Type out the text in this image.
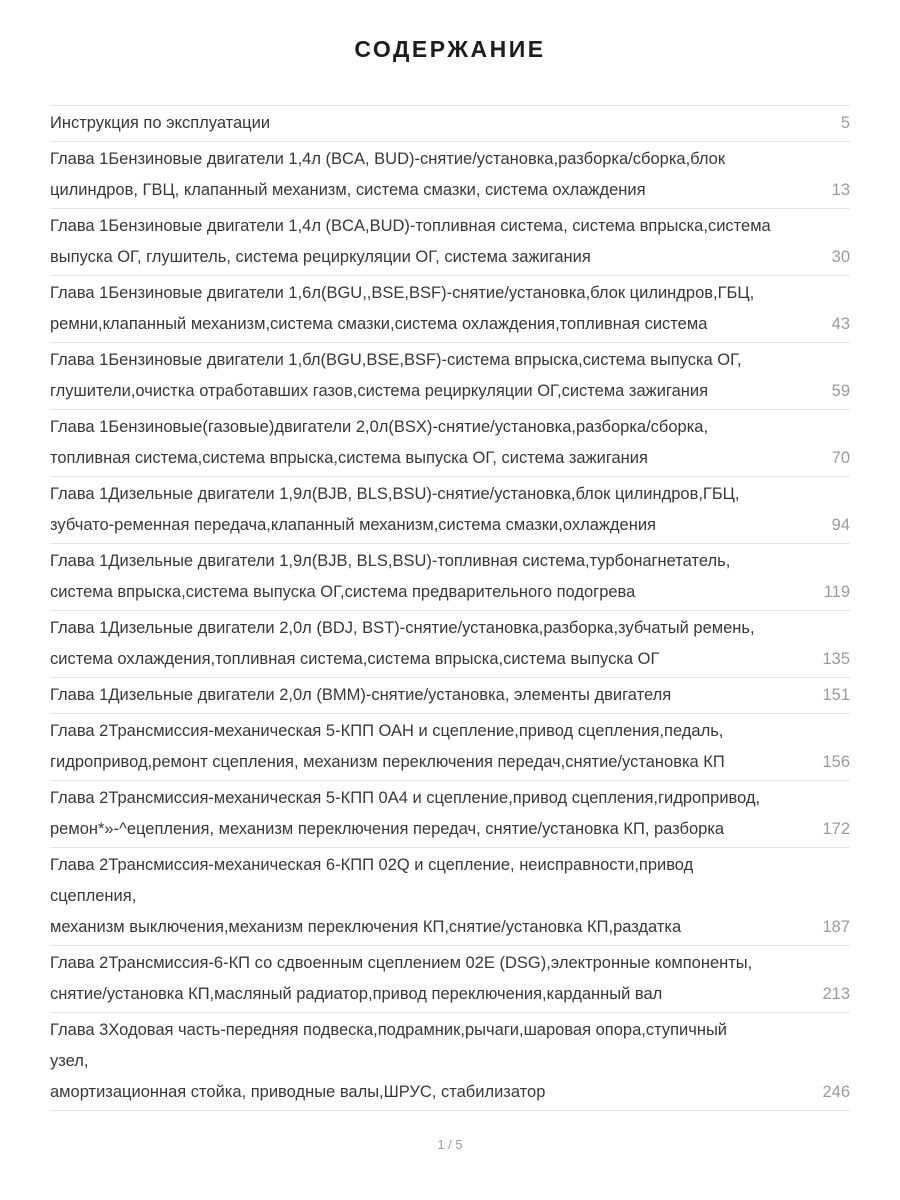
СОДЕРЖАНИЕ
Инструкция по эксплуатации	5
Глава 1Бензиновые двигатели 1,4л (BCA, BUD)-снятие/установка,разборка/сборка,блок
цилиндров, ГВЦ, клапанный механизм, система смазки, система охлаждения	13
Глава 1Бензиновые двигатели 1,4л (BCA,BUD)-топливная система, система впрыска,система
выпуска ОГ, глушитель, система рециркуляции ОГ, система зажигания	30
Глава 1Бензиновые двигатели 1,6л(BGU,,BSE,BSF)-снятие/установка,блок цилиндров,ГБЦ,
ремни,клапанный механизм,система смазки,система охлаждения,топливная система	43
Глава 1Бензиновые двигатели 1,бл(BGU,BSE,BSF)-система впрыска,система выпуска ОГ,
глушители,очистка отработавших газов,система рециркуляции ОГ,система зажигания	59
Глава 1Бензиновые(газовые)двигатели 2,0л(BSX)-снятие/установка,разборка/сборка,
топливная система,система впрыска,система выпуска ОГ, система зажигания	70
Глава 1Дизельные двигатели 1,9л(BJB, BLS,BSU)-снятие/установка,блок цилиндров,ГБЦ,
зубчато-ременная передача,клапанный механизм,система смазки,охлаждения	94
Глава 1Дизельные двигатели 1,9л(BJB, BLS,BSU)-топливная система,турбонагнетатель,
система впрыска,система выпуска ОГ,система предварительного подогрева	119
Глава 1Дизельные двигатели 2,0л (BDJ, BST)-снятие/установка,разборка,зубчатый ремень,
система охлаждения,топливная система,система впрыска,система выпуска ОГ	135
Глава 1Дизельные двигатели 2,0л (BMM)-снятие/установка, элементы двигателя	151
Глава 2Трансмиссия-механическая 5-КПП ОАН и сцепление,привод сцепления,педаль,
гидропривод,ремонт сцепления, механизм переключения передач,снятие/установка КП	156
Глава 2Трансмиссия-механическая 5-КПП 0А4 и сцепление,привод сцепления,гидропривод,
ремон*»-^ецепления, механизм переключения передач, снятие/установка КП, разборка	172
Глава 2Трансмиссия-механическая 6-КПП 02Q и сцепление, неисправности,привод
сцепления,
механизм выключения,механизм переключения КП,снятие/установка КП,раздатка	187
Глава 2Трансмиссия-6-КП со сдвоенным сцеплением 02Е (DSG),электронные компоненты,
снятие/установка КП,масляный радиатор,привод переключения,карданный вал	213
Глава 3Ходовая часть-передняя подвеска,подрамник,рычаги,шаровая опора,ступичный
узел,
амортизационная стойка, приводные валы,ШРУС, стабилизатор	246
1 / 5
